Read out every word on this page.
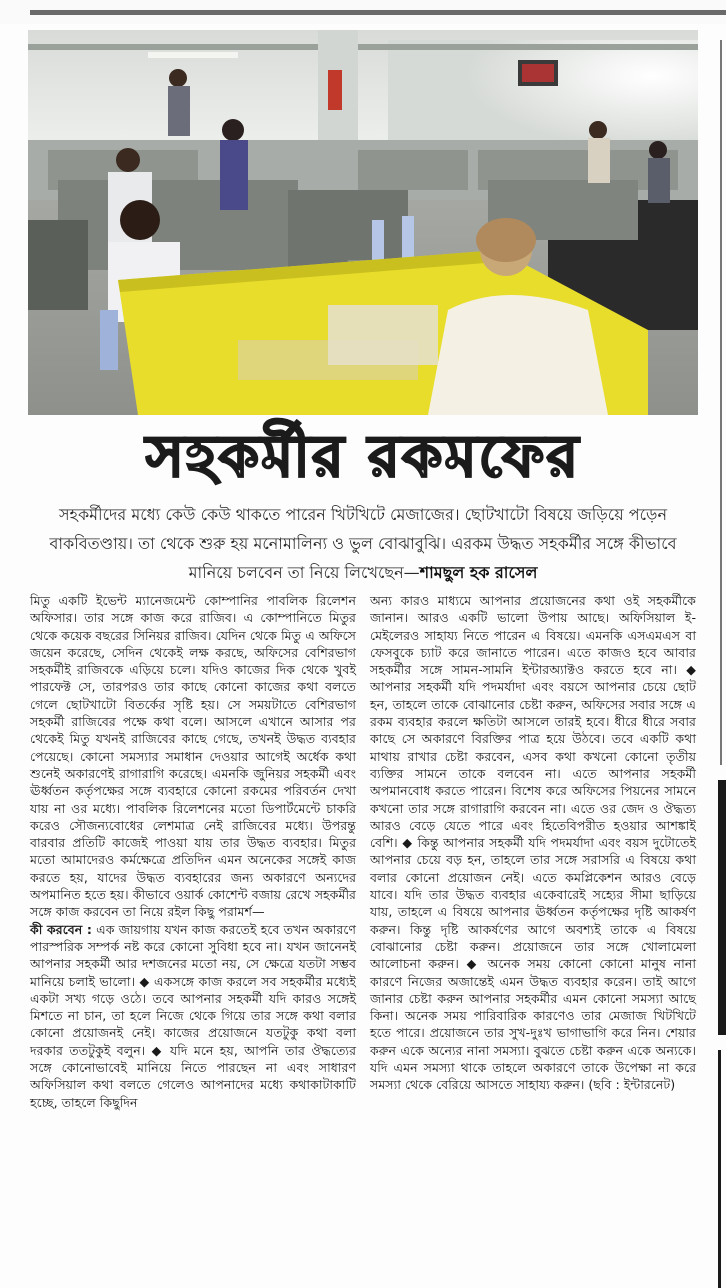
সহকর্মীর রকমফের
সহকর্মীদের মধ্যে কেউ কেউ থাকতে পারেন খিটখিটে মেজাজের। ছোটখাটো বিষয়ে জড়িয়ে পড়েন বাকবিতণ্ডায়। তা থেকে শুরু হয় মনোমালিন্য ও ভুল বোঝাবুঝি। এরকম উদ্ধত সহকর্মীর সঙ্গে কীভাবে মানিয়ে চলবেন তা নিয়ে লিখেছেন—শামছুল হক রাসেল

মিতু একটি ইভেন্ট ম্যানেজমেন্ট কোম্পানির পাবলিক রিলেশন অফিসার। তার সঙ্গে কাজ করে রাজিব। এ কোম্পানিতে মিতুর থেকে কয়েক বছরের সিনিয়র রাজিব। যেদিন থেকে মিতু এ অফিসে জয়েন করেছে, সেদিন থেকেই লক্ষ করছে, অফিসের বেশিরভাগ সহকর্মীই রাজিবকে এড়িয়ে চলে। যদিও কাজের দিক থেকে খুবই পারফেক্ট সে, তারপরও তার কাছে কোনো কাজের কথা বলতে গেলে ছোটখাটো বিতর্কের সৃষ্টি হয়। সে সময়টাতে বেশিরভাগ সহকর্মী রাজিবের পক্ষে কথা বলে। আসলে এখানে আসার পর থেকেই মিতু যখনই রাজিবের কাছে গেছে, তখনই উদ্ধত ব্যবহার পেয়েছে। কোনো সমস্যার সমাধান দেওয়ার আগেই অর্ধেক কথা শুনেই অকারণেই রাগারাগি করেছে। এমনকি জুনিয়র সহকর্মী এবং ঊর্ধ্বতন কর্তৃপক্ষের সঙ্গে ব্যবহারে কোনো রকমের পরিবর্তন দেখা যায় না ওর মধ্যে। পাবলিক রিলেশনের মতো ডিপার্টমেন্টে চাকরি করেও সৌজন্যবোধের লেশমাত্র নেই রাজিবের মধ্যে। উপরন্তু বারবার প্রতিটি কাজেই পাওয়া যায় তার উদ্ধত ব্যবহার। মিতুর মতো আমাদেরও কর্মক্ষেত্রে প্রতিদিন এমন অনেকের সঙ্গেই কাজ করতে হয়, যাদের উদ্ধত ব্যবহারের জন্য অকারণে অন্যদের অপমানিত হতে হয়। কীভাবে ওয়ার্ক কোশেন্ট বজায় রেখে সহকর্মীর সঙ্গে কাজ করবেন তা নিয়ে রইল কিছু পরামর্শ—

কী করবেন : এক জায়গায় যখন কাজ করতেই হবে তখন অকারণে পারস্পরিক সম্পর্ক নষ্ট করে কোনো সুবিধা হবে না। যখন জানেনই আপনার সহকর্মী আর দশজনের মতো নয়, সে ক্ষেত্রে যতটা সম্ভব মানিয়ে চলাই ভালো। ◆ একসঙ্গে কাজ করলে সব সহকর্মীর মধ্যেই একটা সখ্য গড়ে ওঠে। তবে আপনার সহকর্মী যদি কারও সঙ্গেই মিশতে না চান, তা হলে নিজে থেকে গিয়ে তার সঙ্গে কথা বলার কোনো প্রয়োজনই নেই। কাজের প্রয়োজনে যতটুকু কথা বলা দরকার ততটুকুই বলুন। ◆ যদি মনে হয়, আপনি তার ঔদ্ধত্যের সঙ্গে কোনোভাবেই মানিয়ে নিতে পারছেন না এবং সাধারণ অফিসিয়াল কথা বলতে গেলেও আপনাদের মধ্যে কথাকাটাকাটি হচ্ছে, তাহলে কিছুদিন

অন্য কারও মাধ্যমে আপনার প্রয়োজনের কথা ওই সহকর্মীকে জানান। আরও একটি ভালো উপায় আছে। অফিসিয়াল ই-মেইলেরও সাহায্য নিতে পারেন এ বিষয়ে। এমনকি এসএমএস বা ফেসবুকে চ্যাট করে জানাতে পারেন। এতে কাজও হবে আবার সহকর্মীর সঙ্গে সামন-সামনি ইন্টারঅ্যাক্টও করতে হবে না। ◆ আপনার সহকর্মী যদি পদমর্যাদা এবং বয়সে আপনার চেয়ে ছোট হন, তাহলে তাকে বোঝানোর চেষ্টা করুন, অফিসের সবার সঙ্গে এ রকম ব্যবহার করলে ক্ষতিটা আসলে তারই হবে। ধীরে ধীরে সবার কাছে সে অকারণে বিরক্তির পাত্র হয়ে উঠবে। তবে একটি কথা মাথায় রাখার চেষ্টা করবেন, এসব কথা কখনো কোনো তৃতীয় ব্যক্তির সামনে তাকে বলবেন না। এতে আপনার সহকর্মী অপমানবোধ করতে পারেন। বিশেষ করে অফিসের পিয়নের সামনে কখনো তার সঙ্গে রাগারাগি করবেন না। এতে ওর জেদ ও ঔদ্ধত্য আরও বেড়ে যেতে পারে এবং হিতেবিপরীত হওয়ার আশঙ্কাই বেশি। ◆ কিন্তু আপনার সহকর্মী যদি পদমর্যাদা এবং বয়স দুটোতেই আপনার চেয়ে বড় হন, তাহলে তার সঙ্গে সরাসরি এ বিষয়ে কথা বলার কোনো প্রয়োজন নেই। এতে কমপ্লিকেশন আরও বেড়ে যাবে। যদি তার উদ্ধত ব্যবহার একেবারেই সহ্যের সীমা ছাড়িয়ে যায়, তাহলে এ বিষয়ে আপনার ঊর্ধ্বতন কর্তৃপক্ষের দৃষ্টি আকর্ষণ করুন। কিন্তু দৃষ্টি আকর্ষণের আগে অবশ্যই তাকে এ বিষয়ে বোঝানোর চেষ্টা করুন। প্রয়োজনে তার সঙ্গে খোলামেলা আলোচনা করুন। ◆ অনেক সময় কোনো কোনো মানুষ নানা কারণে নিজের অজান্তেই এমন উদ্ধত ব্যবহার করেন। তাই আগে জানার চেষ্টা করুন আপনার সহকর্মীর এমন কোনো সমস্যা আছে কিনা। অনেক সময় পারিবারিক কারণেও তার মেজাজ খিটখিটে হতে পারে। প্রয়োজনে তার সুখ-দুঃখ ভাগাভাগি করে নিন। শেয়ার করুন একে অন্যের নানা সমস্যা। বুঝতে চেষ্টা করুন একে অন্যকে। যদি এমন সমস্যা থাকে তাহলে অকারণে তাকে উপেক্ষা না করে সমস্যা থেকে বেরিয়ে আসতে সাহায্য করুন। (ছবি : ইন্টারনেট)
